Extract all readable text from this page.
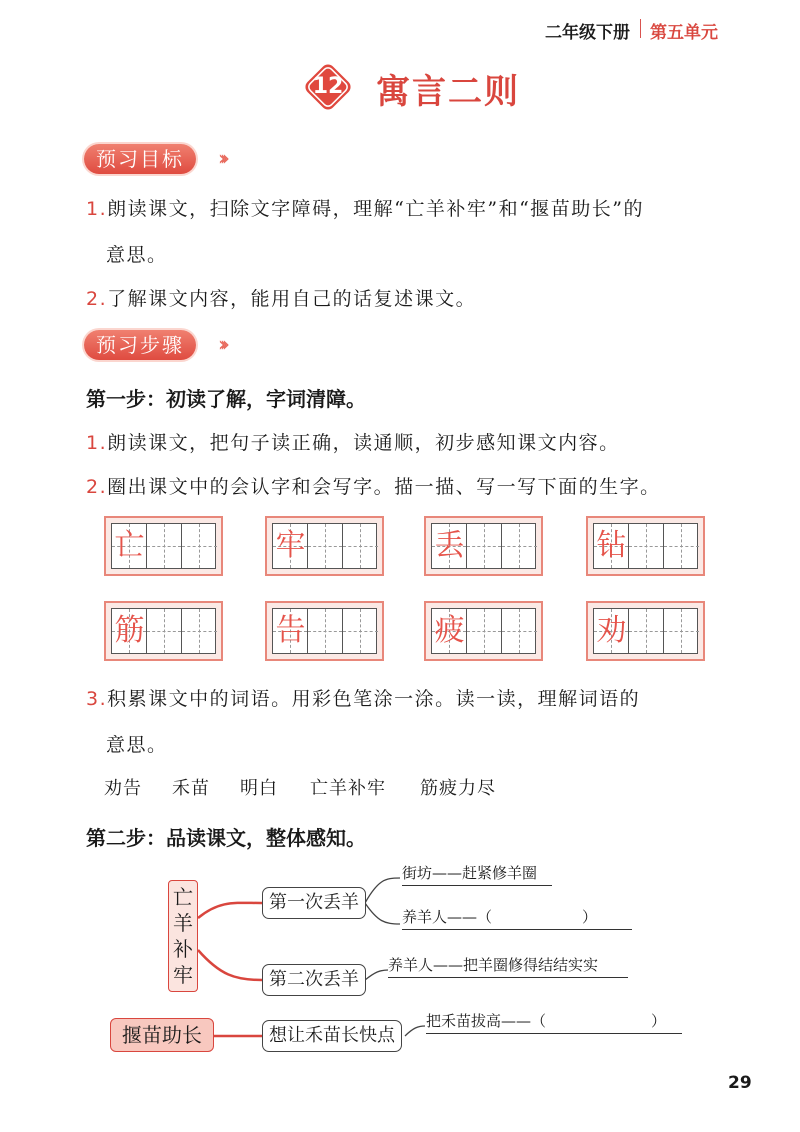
二年级下册 第五单元
12 寓言二则
预习目标	›››
1.朗读课文，扫除文字障碍，理解“亡羊补牢”和“揠苗助长”的
意思。
2.了解课文内容，能用自己的话复述课文。
预习步骤	›››
第一步：初读了解，字词清障。
1.朗读课文，把句子读正确，读通顺，初步感知课文内容。
2.圈出课文中的会认字和会写字。描一描、写一写下面的生字。
亡	牢	丢	钻
筋	告	疲	劝
3.积累课文中的词语。用彩色笔涂一涂。读一读，理解词语的
意思。
劝告 禾苗 明白 亡羊补牢 筋疲力尽
第二步：品读课文，整体感知。
亡
羊
补
牢
第一次丢羊
街坊——赶紧修羊圈
养羊人——（　　　　　　）
第二次丢羊
养羊人——把羊圈修得结结实实
揠苗助长	想让禾苗长快点
把禾苗拔高——（　　　　　　　）
29
